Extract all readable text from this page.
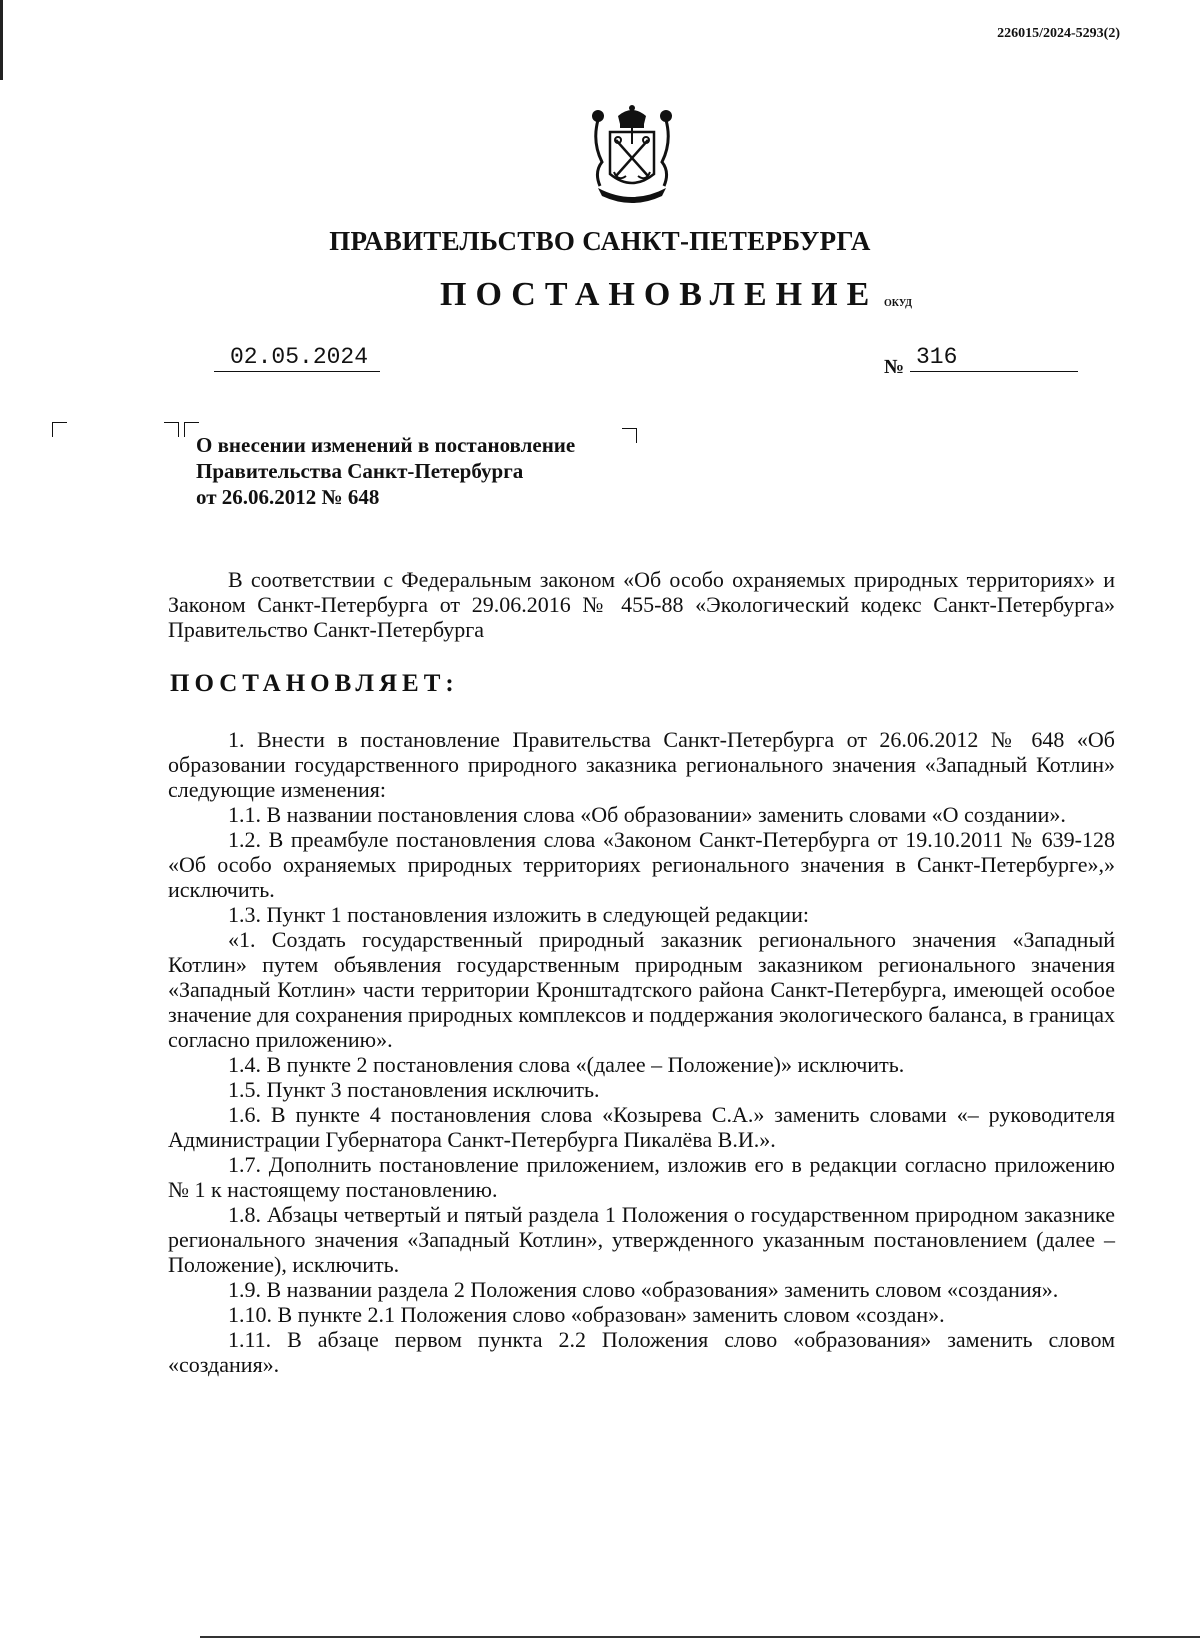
226015/2024-5293(2)
ПРАВИТЕЛЬСТВО САНКТ-ПЕТЕРБУРГА
ПОСТАНОВЛЕНИЕ ОКУД
02.05.2024	№ 316
О внесении изменений в постановление
Правительства Санкт-Петербурга
от 26.06.2012 № 648

В соответствии с Федеральным законом «Об особо охраняемых природных территориях» и Законом Санкт-Петербурга от 29.06.2016 № 455-88 «Экологический кодекс Санкт-Петербурга» Правительство Санкт-Петербурга

ПОСТАНОВЛЯЕТ:

1. Внести в постановление Правительства Санкт-Петербурга от 26.06.2012 № 648 «Об образовании государственного природного заказника регионального значения «Западный Котлин» следующие изменения:

1.1. В названии постановления слова «Об образовании» заменить словами «О создании».

1.2. В преамбуле постановления слова «Законом Санкт-Петербурга от 19.10.2011 № 639-128 «Об особо охраняемых природных территориях регионального значения в Санкт-Петербурге»,» исключить.

1.3. Пункт 1 постановления изложить в следующей редакции:

«1. Создать государственный природный заказник регионального значения «Западный Котлин» путем объявления государственным природным заказником регионального значения «Западный Котлин» части территории Кронштадтского района Санкт-Петербурга, имеющей особое значение для сохранения природных комплексов и поддержания экологического баланса, в границах согласно приложению».

1.4. В пункте 2 постановления слова «(далее – Положение)» исключить.

1.5. Пункт 3 постановления исключить.

1.6. В пункте 4 постановления слова «Козырева С.А.» заменить словами «– руководителя Администрации Губернатора Санкт-Петербурга Пикалёва В.И.».

1.7. Дополнить постановление приложением, изложив его в редакции согласно приложению № 1 к настоящему постановлению.

1.8. Абзацы четвертый и пятый раздела 1 Положения о государственном природном заказнике регионального значения «Западный Котлин», утвержденного указанным постановлением (далее – Положение), исключить.

1.9. В названии раздела 2 Положения слово «образования» заменить словом «создания».

1.10. В пункте 2.1 Положения слово «образован» заменить словом «создан».

1.11. В абзаце первом пункта 2.2 Положения слово «образования» заменить словом «создания».
